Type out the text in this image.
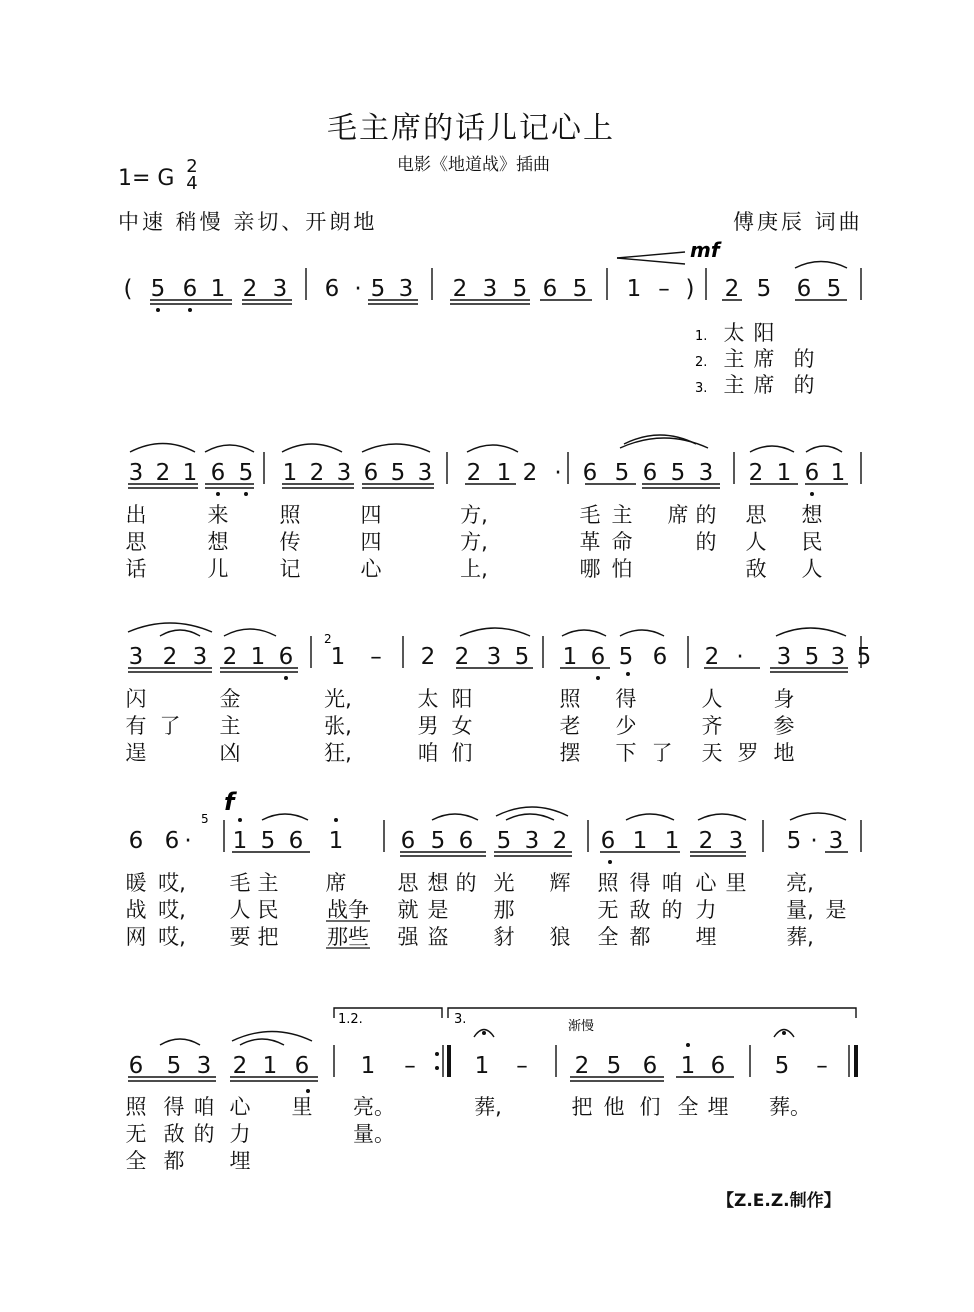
毛主席的话儿记心上
电影《地道战》插曲
1= G 2
4
中速 稍慢 亲切、开朗地	傅庚辰 词曲
mf
f
渐慢
1.2.	3.
2
5
1.
2.
3.
( 5 6 1 2 3 6 · 5 3 2 3 5 6 5 1 – ) 2 5 6 5
3 2 1 6 5 1 2 3 6 5 3 2 1 2 · 6 5 6 5 3 2 1 6 1
3 2 3 2 1 6 1 – 2 2 3 5 1 6 5 6 2 · 3 5 3 5
6 6 · 1 5 6 1 6 5 6 5 3 2 6 1 1 2 3 5 · 3
6 5 3 2 1 6 1 –	1 – 2 5 6 1 6 5 –
太 阳
出	来 照	四	方,	毛 主 席 的 思 想
闪	金	光,	太 阳	照 得	人 身
暖 哎, 毛 主 席 思 想 的 光 辉 照 得 咱 心 里 亮,
照 得 咱 心 里 亮。	葬,	把 他 们 全 埋 葬。
主 席 的
思	想 传	四	方,	革 命	的 人 民
有 了 主	张,	男 女	老 少	齐 参
战 哎, 人 民 战争 就 是 那	无 敌 的 力	量, 是
无 敌 的 力	量。
主 席 的
话	儿 记	心	上,	哪 怕	敌 人
逞	凶	狂,	咱 们	摆 下 了 天 罗 地
网 哎, 要 把 那些 强 盗 豺 狼 全 都 埋	葬,
全 都 埋
【Z.E.Z.制作】
